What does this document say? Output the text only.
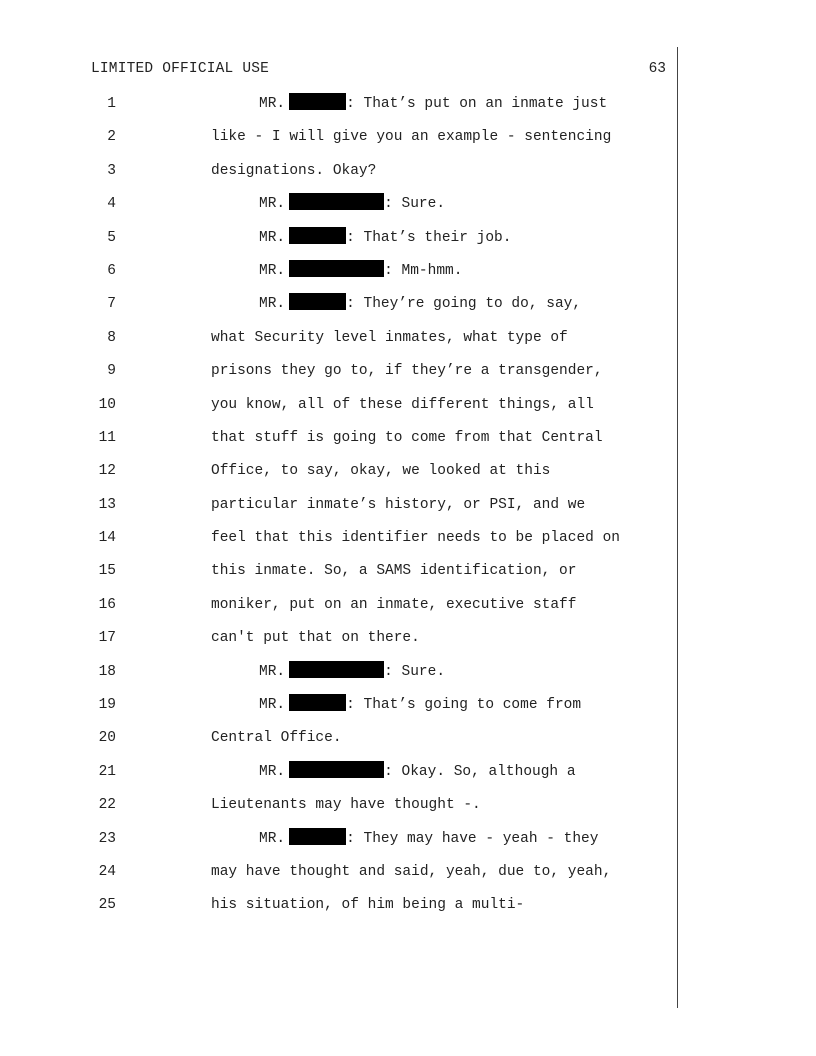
LIMITED OFFICIAL USE	63
1	MR.	: That’s put on an inmate just
2	like - I will give you an example - sentencing
3	designations. Okay?
4	MR.	: Sure.
5	MR.	: That’s their job.
6	MR.	: Mm-hmm.
7	MR.	: They’re going to do, say,
8	what Security level inmates, what type of
9	prisons they go to, if they’re a transgender,
10	you know, all of these different things, all
11	that stuff is going to come from that Central
12	Office, to say, okay, we looked at this
13	particular inmate’s history, or PSI, and we
14	feel that this identifier needs to be placed on
15	this inmate. So, a SAMS identification, or
16	moniker, put on an inmate, executive staff
17	can't put that on there.
18	MR.	: Sure.
19	MR.	: That’s going to come from
20	Central Office.
21	MR.	: Okay. So, although a
22	Lieutenants may have thought -.
23	MR.	: They may have - yeah - they
24	may have thought and said, yeah, due to, yeah,
25	his situation, of him being a multi-
